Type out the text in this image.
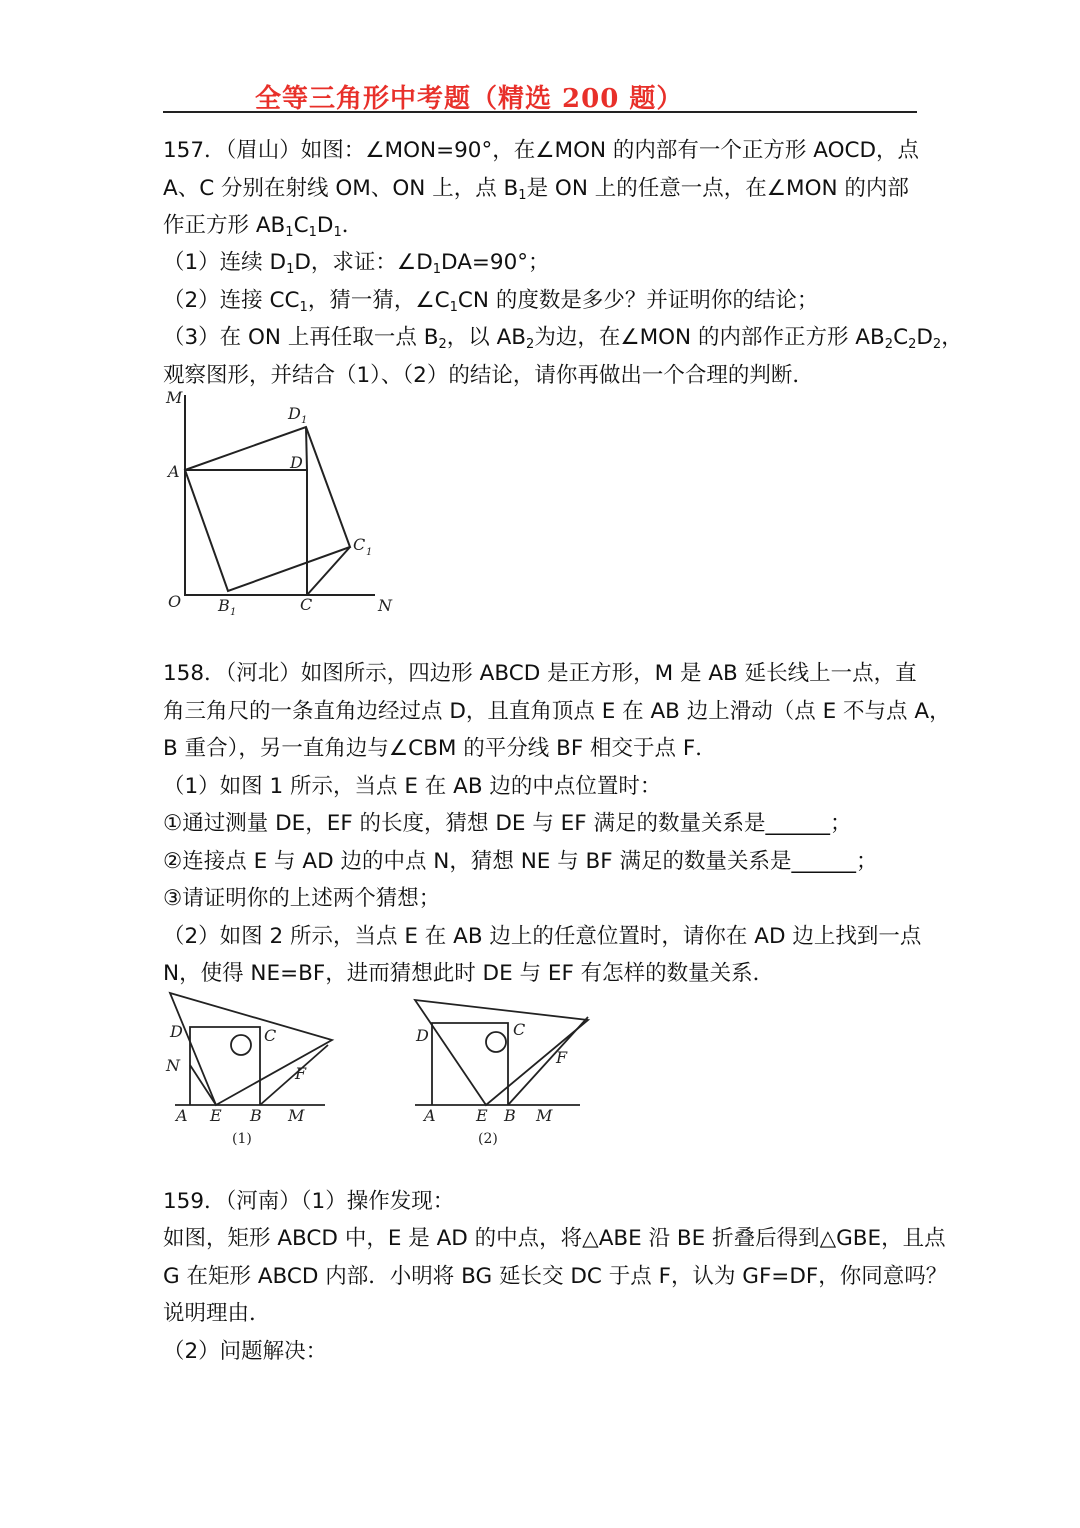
全等三角形中考题（精选 200 题）
157．（眉山）如图：∠MON=90°，在∠MON 的内部有一个正方形 AOCD，点
A、C 分别在射线 OM、ON 上，点 $B_1$是 ON 上的任意一点，在∠MON 的内部
作正方形 $AB_1C_1D_1$．
（1）连续 $D_1D$，求证：$\angle D_1DA=90^\circ$；
（2）连接 $CC_1$，猜一猜，$\angle C_1CN$ 的度数是多少？并证明你的结论；
（3）在 ON 上再任取一点 $B_2$，以 $AB_2$为边，在∠MON 的内部作正方形 $AB_2C_2D_2$，
观察图形，并结合（1）、（2）的结论，请你再做出一个合理的判断．
M
D 1
D
A
C 1
O B 1	C	N
158．（河北）如图所示，四边形 ABCD 是正方形，M 是 AB 延长线上一点，直
角三角尺的一条直角边经过点 D，且直角顶点 E 在 AB 边上滑动（点 E 不与点 A，
B 重合），另一直角边与∠CBM 的平分线 BF 相交于点 F．
（1）如图 1 所示，当点 E 在 AB 边的中点位置时：
①通过测量 DE，EF 的长度，猜想 DE 与 EF 满足的数量关系是______；
②连接点 E 与 AD 边的中点 N，猜想 NE 与 BF 满足的数量关系是______；
③请证明你的上述两个猜想；
（2）如图 2 所示，当点 E 在 AB 边上的任意位置时，请你在 AD 边上找到一点
N，使得 NE=BF，进而猜想此时 DE 与 EF 有怎样的数量关系．
D	C
N	F
A E B M
(1)
D	C
F
A	E B M
(2)
159．（河南）（1）操作发现：
如图，矩形 ABCD 中，E 是 AD 的中点，将△ABE 沿 BE 折叠后得到△GBE，且点
G 在矩形 ABCD 内部．小明将 BG 延长交 DC 于点 F，认为 GF=DF，你同意吗？
说明理由．
（2）问题解决：
